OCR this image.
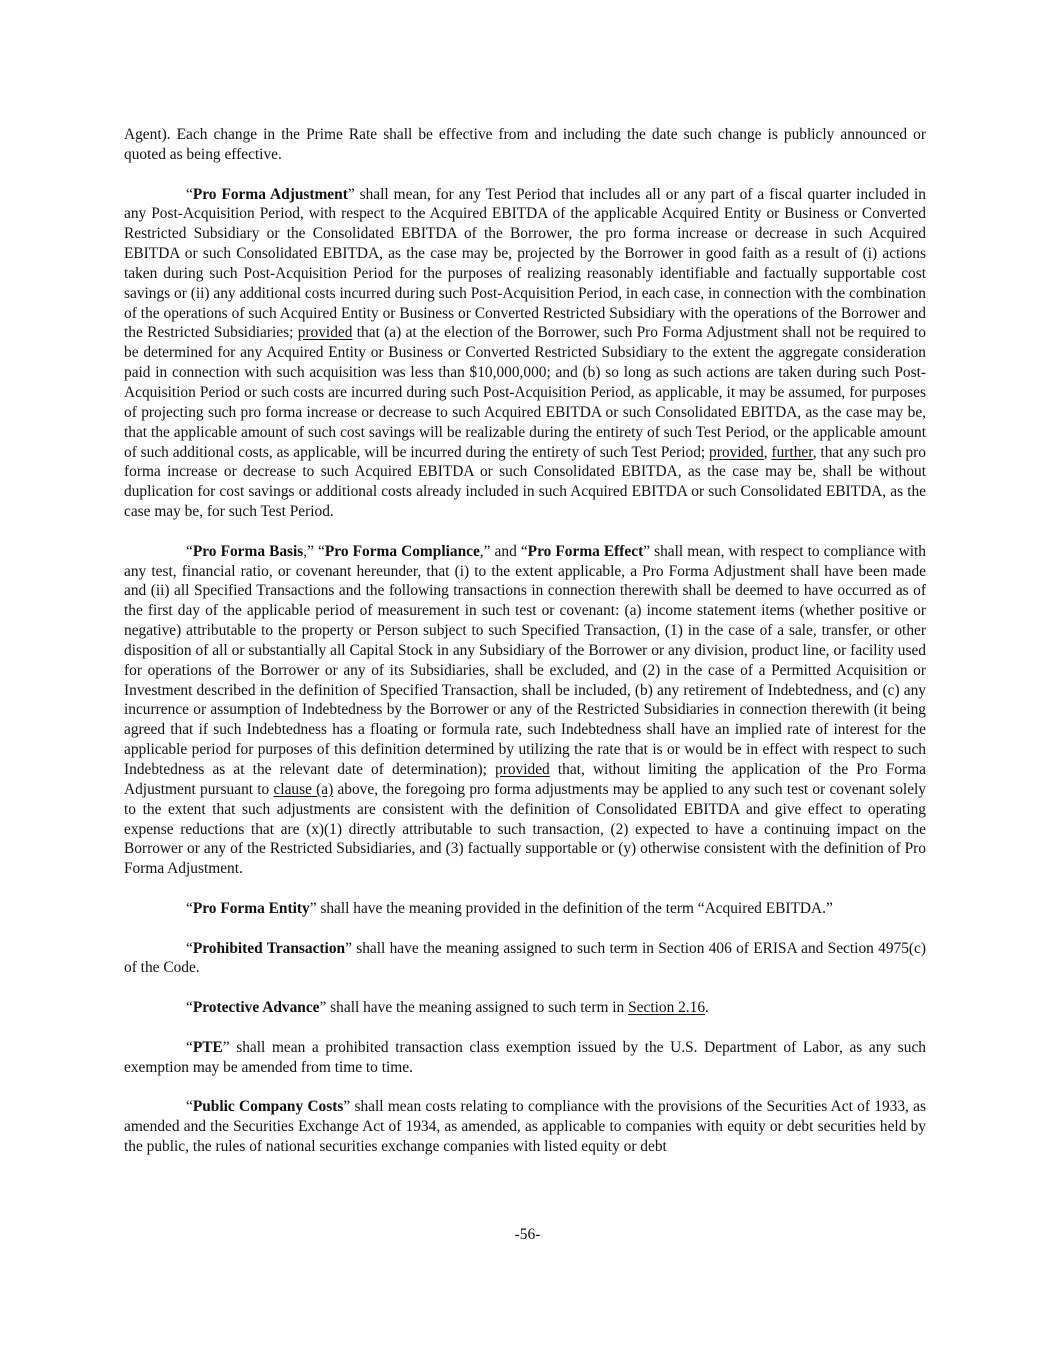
Agent). Each change in the Prime Rate shall be effective from and including the date such change is publicly announced or quoted as being effective.

“Pro Forma Adjustment” shall mean, for any Test Period that includes all or any part of a fiscal quarter included in any Post-Acquisition Period, with respect to the Acquired EBITDA of the applicable Acquired Entity or Business or Converted Restricted Subsidiary or the Consolidated EBITDA of the Borrower, the pro forma increase or decrease in such Acquired EBITDA or such Consolidated EBITDA, as the case may be, projected by the Borrower in good faith as a result of (i) actions taken during such Post-Acquisition Period for the purposes of realizing reasonably identifiable and factually supportable cost savings or (ii) any additional costs incurred during such Post-Acquisition Period, in each case, in connection with the combination of the operations of such Acquired Entity or Business or Converted Restricted Subsidiary with the operations of the Borrower and the Restricted Subsidiaries; provided that (a) at the election of the Borrower, such Pro Forma Adjustment shall not be required to be determined for any Acquired Entity or Business or Converted Restricted Subsidiary to the extent the aggregate consideration paid in connection with such acquisition was less than $10,000,000; and (b) so long as such actions are taken during such Post-Acquisition Period or such costs are incurred during such Post-Acquisition Period, as applicable, it may be assumed, for purposes of projecting such pro forma increase or decrease to such Acquired EBITDA or such Consolidated EBITDA, as the case may be, that the applicable amount of such cost savings will be realizable during the entirety of such Test Period, or the applicable amount of such additional costs, as applicable, will be incurred during the entirety of such Test Period; provided, further, that any such pro forma increase or decrease to such Acquired EBITDA or such Consolidated EBITDA, as the case may be, shall be without duplication for cost savings or additional costs already included in such Acquired EBITDA or such Consolidated EBITDA, as the case may be, for such Test Period.

“Pro Forma Basis,” “Pro Forma Compliance,” and “Pro Forma Effect” shall mean, with respect to compliance with any test, financial ratio, or covenant hereunder, that (i) to the extent applicable, a Pro Forma Adjustment shall have been made and (ii) all Specified Transactions and the following transactions in connection therewith shall be deemed to have occurred as of the first day of the applicable period of measurement in such test or covenant: (a) income statement items (whether positive or negative) attributable to the property or Person subject to such Specified Transaction, (1) in the case of a sale, transfer, or other disposition of all or substantially all Capital Stock in any Subsidiary of the Borrower or any division, product line, or facility used for operations of the Borrower or any of its Subsidiaries, shall be excluded, and (2) in the case of a Permitted Acquisition or Investment described in the definition of Specified Transaction, shall be included, (b) any retirement of Indebtedness, and (c) any incurrence or assumption of Indebtedness by the Borrower or any of the Restricted Subsidiaries in connection therewith (it being agreed that if such Indebtedness has a floating or formula rate, such Indebtedness shall have an implied rate of interest for the applicable period for purposes of this definition determined by utilizing the rate that is or would be in effect with respect to such Indebtedness as at the relevant date of determination); provided that, without limiting the application of the Pro Forma Adjustment pursuant to clause (a) above, the foregoing pro forma adjustments may be applied to any such test or covenant solely to the extent that such adjustments are consistent with the definition of Consolidated EBITDA and give effect to operating expense reductions that are (x)(1) directly attributable to such transaction, (2) expected to have a continuing impact on the Borrower or any of the Restricted Subsidiaries, and (3) factually supportable or (y) otherwise consistent with the definition of Pro Forma Adjustment.

“Pro Forma Entity” shall have the meaning provided in the definition of the term “Acquired EBITDA.”

“Prohibited Transaction” shall have the meaning assigned to such term in Section 406 of ERISA and Section 4975(c) of the Code.

“Protective Advance” shall have the meaning assigned to such term in Section 2.16.

“PTE” shall mean a prohibited transaction class exemption issued by the U.S. Department of Labor, as any such exemption may be amended from time to time.

“Public Company Costs” shall mean costs relating to compliance with the provisions of the Securities Act of 1933, as amended and the Securities Exchange Act of 1934, as amended, as applicable to companies with equity or debt securities held by the public, the rules of national securities exchange companies with listed equity or debt

-56-
